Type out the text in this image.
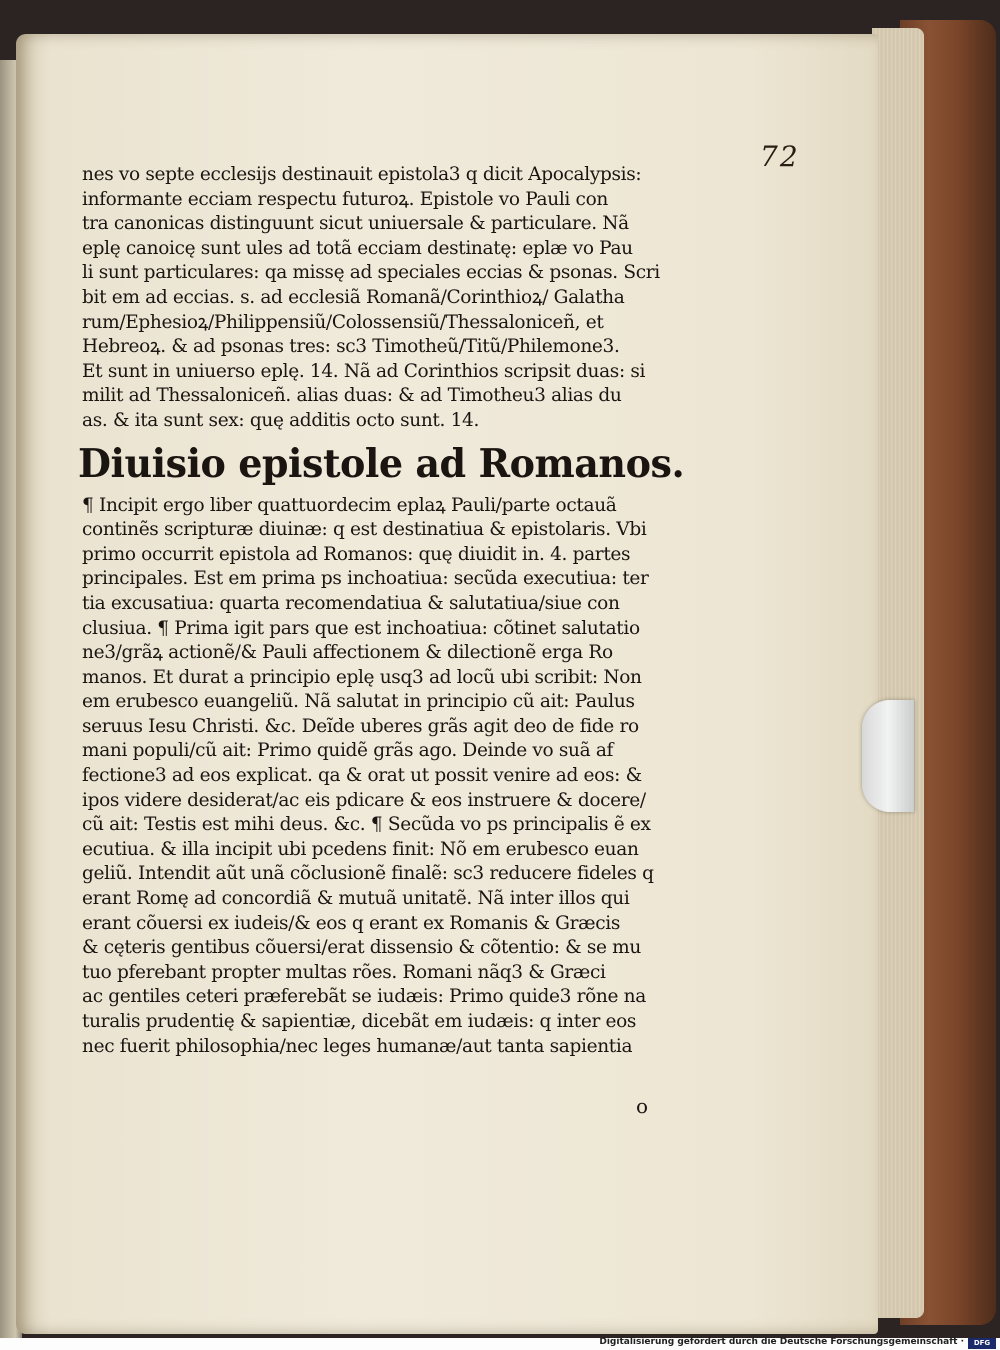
72
nes vo septe ecclesijs destinauit epistola3 q dicit Apocalypsis:
informante ecciam respectu futuroꝝ. Epistole vo Pauli con
tra canonicas distinguunt sicut uniuersale & particulare. Nã
eplę canoicę sunt ules ad totã ecciam destinatę: eplæ vo Pau
li sunt particulares: qa missę ad speciales eccias & psonas. Scri
bit em ad eccias. s. ad ecclesiã Romanã/Corinthioꝝ/ Galatha
rum/Ephesioꝝ/Philippensiũ/Colossensiũ/Thessaloniceñ, et
Hebreoꝝ. & ad psonas tres: sc3 Timotheũ/Titũ/Philemone3.
Et sunt in uniuerso eplę. 14. Nã ad Corinthios scripsit duas: si
milit ad Thessaloniceñ. alias duas: & ad Timotheu3 alias du
as. & ita sunt sex: quę additis octo sunt. 14.
Diuisio epistole ad Romanos.
¶ Incipit ergo liber quattuordecim eplaꝝ Pauli/parte octauã
continẽs scripturæ diuinæ: q est destinatiua & epistolaris. Vbi
primo occurrit epistola ad Romanos: quę diuidit in. 4. partes
principales. Est em prima ps inchoatiua: secũda executiua: ter
tia excusatiua: quarta recomendatiua & salutatiua/siue con
clusiua. ¶ Prima igit pars que est inchoatiua: cõtinet salutatio
ne3/grãꝝ actionẽ/& Pauli affectionem & dilectionẽ erga Ro
manos. Et durat a principio eplę usq3 ad locũ ubi scribit: Non
em erubesco euangeliũ. Nã salutat in principio cũ ait: Paulus
seruus Iesu Christi. &c. Deĩde uberes grãs agit deo de fide ro
mani populi/cũ ait: Primo quidẽ grãs ago. Deinde vo suã af
fectione3 ad eos explicat. qa & orat ut possit venire ad eos: &
ipos videre desiderat/ac eis pdicare & eos instruere & docere/
cũ ait: Testis est mihi deus. &c. ¶ Secũda vo ps principalis ẽ ex
ecutiua. & illa incipit ubi pcedens finit: Nõ em erubesco euan
geliũ. Intendit aũt unã cõclusionẽ finalẽ: sc3 reducere fideles q
erant Romę ad concordiã & mutuã unitatẽ. Nã inter illos qui
erant cõuersi ex iudeis/& eos q erant ex Romanis & Græcis
& cęteris gentibus cõuersi/erat dissensio & cõtentio: & se mu
tuo pferebant propter multas rões. Romani nãq3 & Græci
ac gentiles ceteri præferebãt se iudæis: Primo quide3 rõne na
turalis prudentię & sapientiæ, dicebãt em iudæis: q inter eos
nec fuerit philosophia/nec leges humanæ/aut tanta sapientia
o
Digitalisierung gefördert durch die Deutsche Forschungsgemeinschaft ·	DFG
